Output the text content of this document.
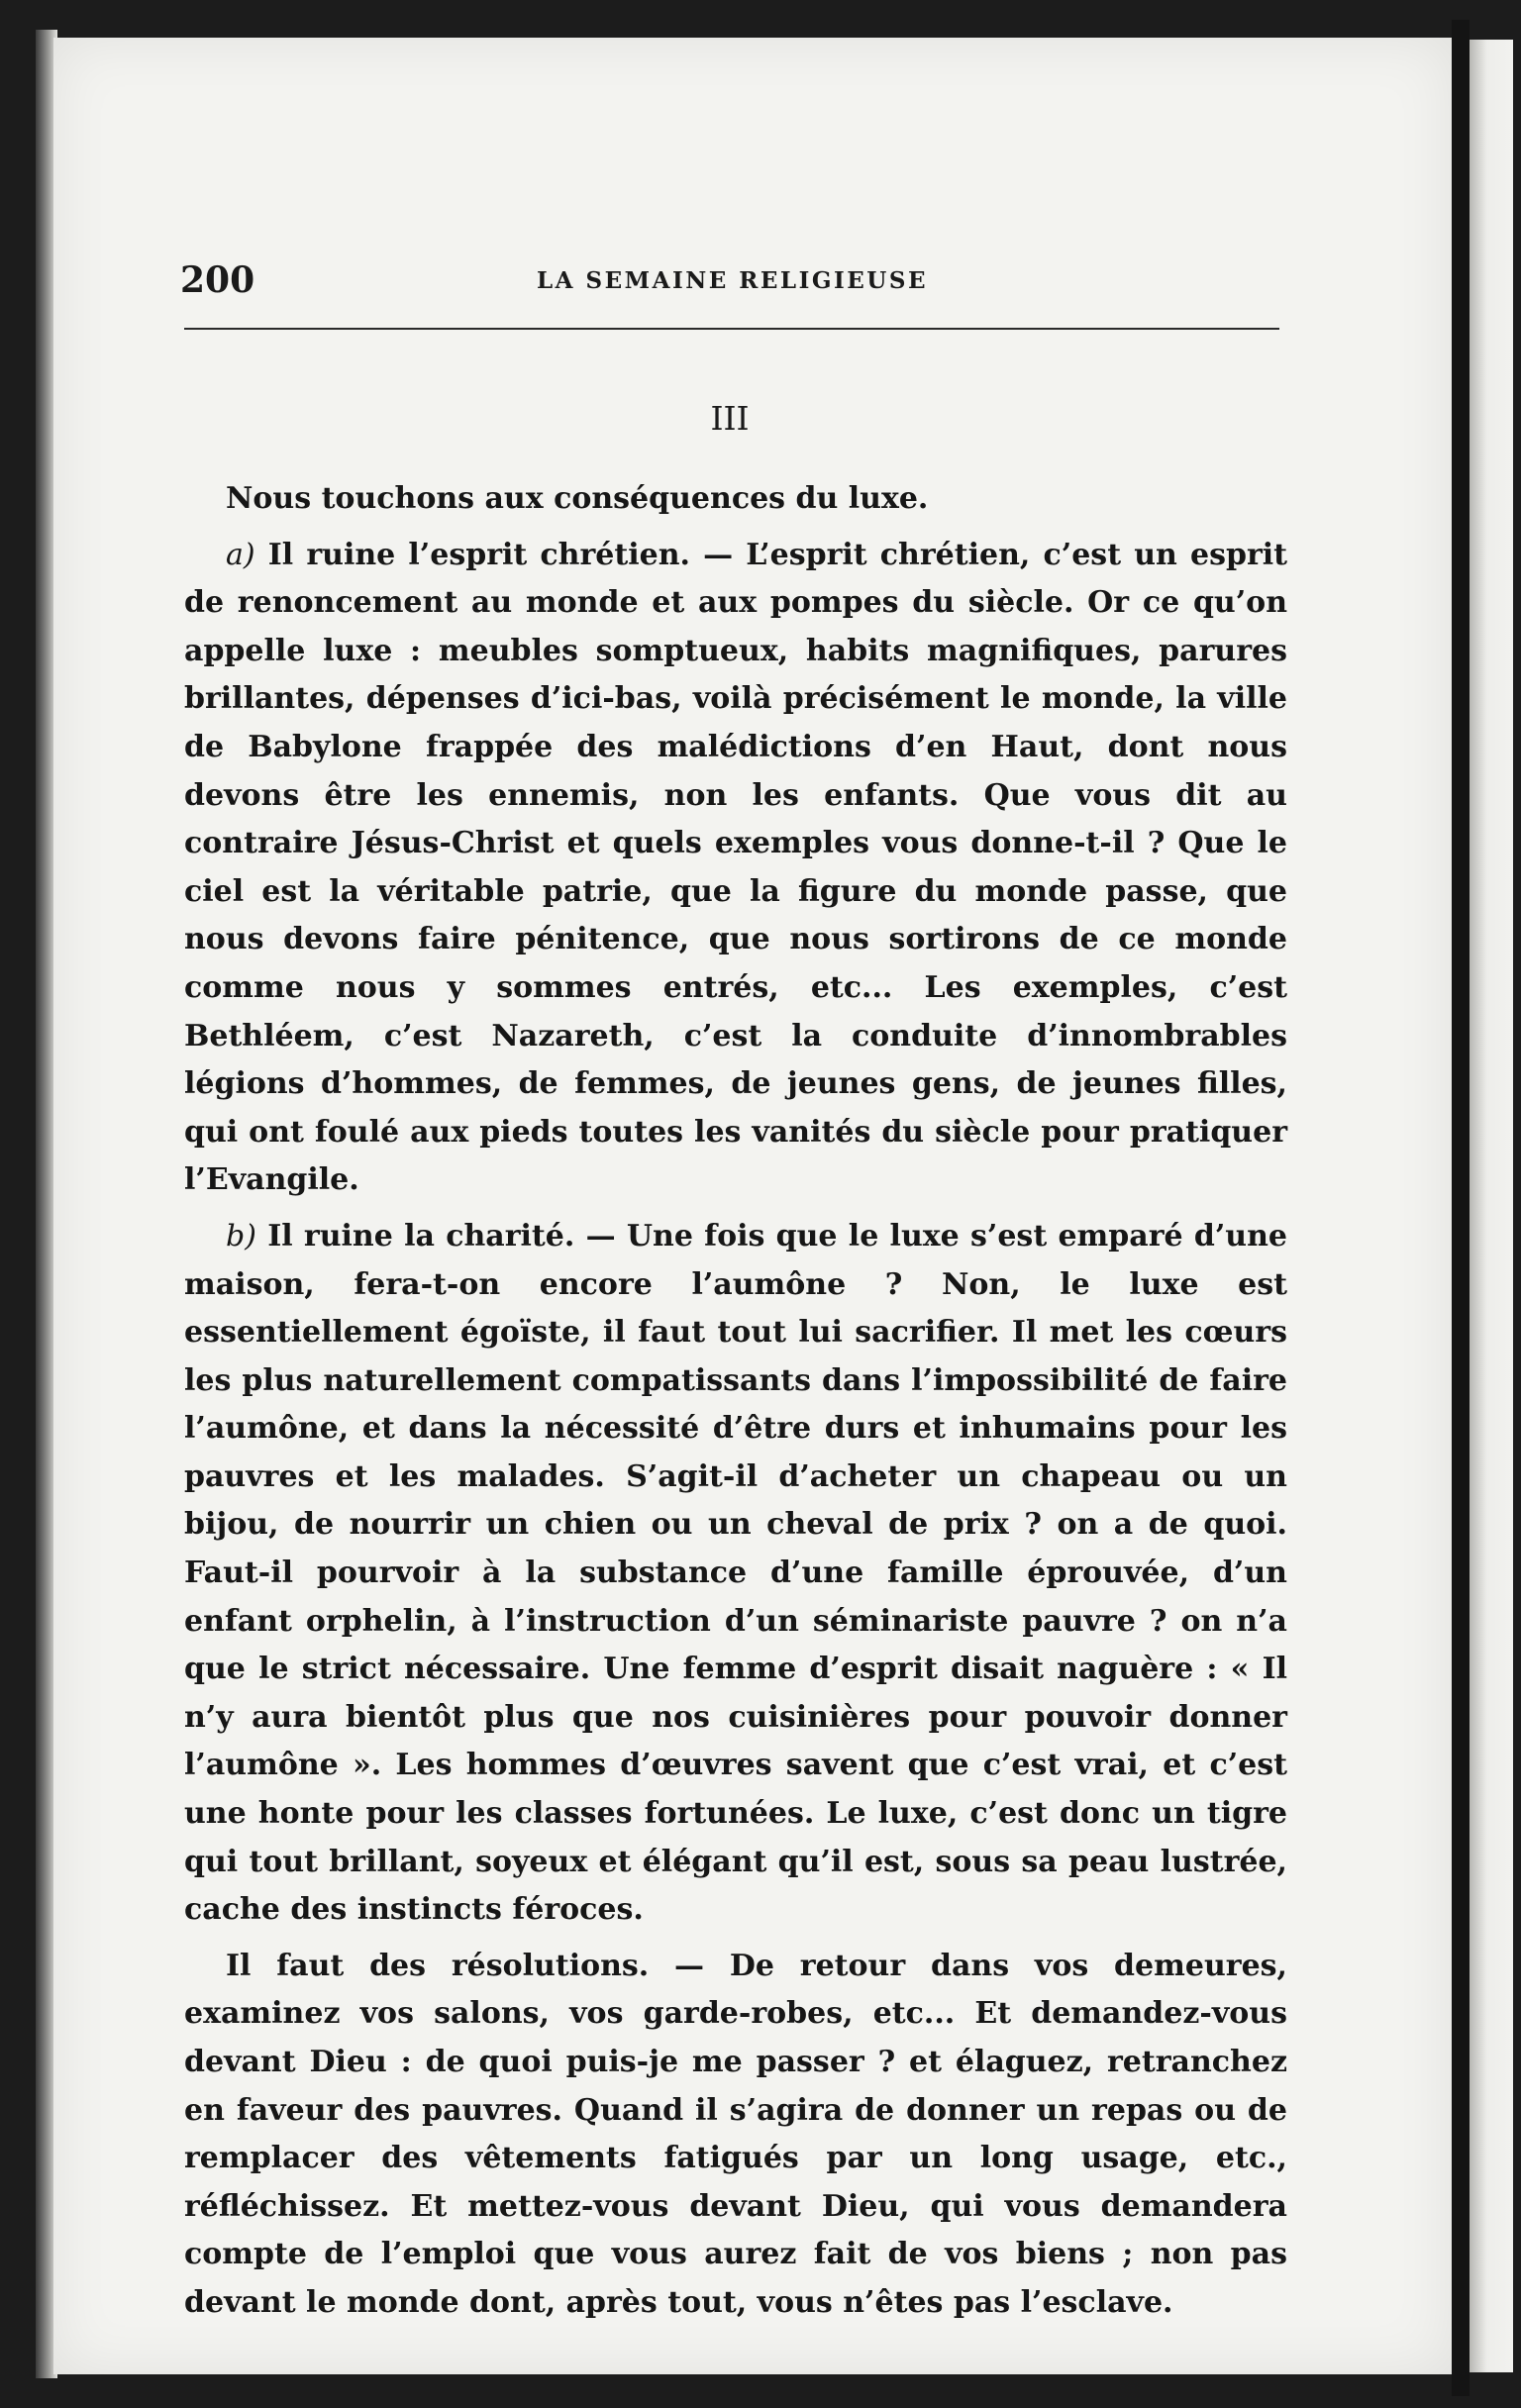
200	LA SEMAINE RELIGIEUSE
III

Nous touchons aux conséquences du luxe.

a) Il ruine l’esprit chrétien. — L’esprit chrétien, c’est un esprit de renoncement au monde et aux pompes du siècle. Or ce qu’on appelle luxe : meubles somptueux, habits magnifiques, parures brillantes, dépenses d’ici-bas, voilà précisément le monde, la ville de Babylone frappée des malédictions d’en Haut, dont nous devons être les ennemis, non les enfants. Que vous dit au contraire Jésus-Christ et quels exemples vous donne-t-il ? Que le ciel est la véritable patrie, que la figure du monde passe, que nous devons faire pénitence, que nous sortirons de ce monde comme nous y sommes entrés, etc... Les exemples, c’est Bethléem, c’est Nazareth, c’est la conduite d’innombrables légions d’hommes, de femmes, de jeunes gens, de jeunes filles, qui ont foulé aux pieds toutes les vanités du siècle pour pratiquer l’Evangile.

b) Il ruine la charité. — Une fois que le luxe s’est emparé d’une maison, fera-t-on encore l’aumône ? Non, le luxe est essentiellement égoïste, il faut tout lui sacrifier. Il met les cœurs les plus naturellement compatissants dans l’impossibilité de faire l’aumône, et dans la nécessité d’être durs et inhumains pour les pauvres et les malades. S’agit-il d’acheter un chapeau ou un bijou, de nourrir un chien ou un cheval de prix ? on a de quoi. Faut-il pourvoir à la substance d’une famille éprouvée, d’un enfant orphelin, à l’instruction d’un séminariste pauvre ? on n’a que le strict nécessaire. Une femme d’esprit disait naguère : « Il n’y aura bientôt plus que nos cuisinières pour pouvoir donner l’aumône ». Les hommes d’œuvres savent que c’est vrai, et c’est une honte pour les classes fortunées. Le luxe, c’est donc un tigre qui tout brillant, soyeux et élégant qu’il est, sous sa peau lustrée, cache des instincts féroces.

Il faut des résolutions. — De retour dans vos demeures, examinez vos salons, vos garde-robes, etc... Et demandez-vous devant Dieu : de quoi puis-je me passer ? et élaguez, retranchez en faveur des pauvres. Quand il s’agira de donner un repas ou de remplacer des vêtements fatigués par un long usage, etc., réfléchissez. Et mettez-vous devant Dieu, qui vous demandera compte de l’emploi que vous aurez fait de vos biens ; non pas devant le monde dont, après tout, vous n’êtes pas l’esclave.
